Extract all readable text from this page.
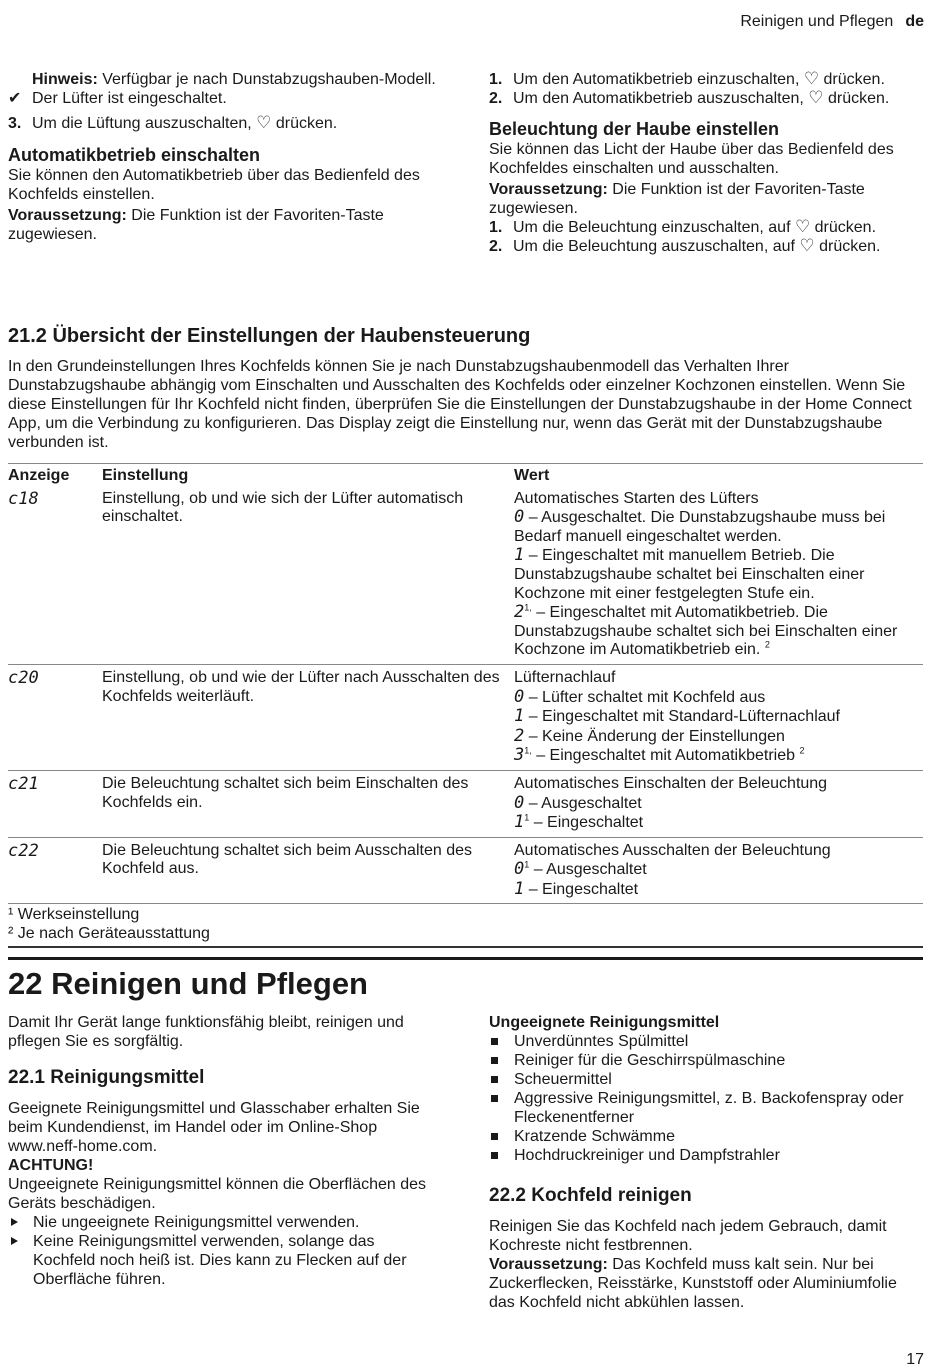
Reinigen und Pflegen de

Hinweis: Verfügbar je nach Dunstabzugshauben-Modell.

✔ Der Lüfter ist eingeschaltet.
3. Um die Lüftung auszuschalten, ♡ drücken.
Automatikbetrieb einschalten

Sie können den Automatikbetrieb über das Bedienfeld des Kochfelds einstellen.

Voraussetzung: Die Funktion ist der Favoriten-Taste zugewiesen.

1. Um den Automatikbetrieb einzuschalten, ♡ drücken.
2. Um den Automatikbetrieb auszuschalten, ♡ drücken.
Beleuchtung der Haube einstellen

Sie können das Licht der Haube über das Bedienfeld des Kochfeldes einschalten und ausschalten.

Voraussetzung: Die Funktion ist der Favoriten-Taste zugewiesen.

1. Um die Beleuchtung einzuschalten, auf ♡ drücken.
2. Um die Beleuchtung auszuschalten, auf ♡ drücken.
21.2 Übersicht der Einstellungen der Haubensteuerung

In den Grundeinstellungen Ihres Kochfelds können Sie je nach Dunstabzugshaubenmodell das Verhalten Ihrer Dunstabzugshaube abhängig vom Einschalten und Ausschalten des Kochfelds oder einzelner Kochzonen einstellen. Wenn Sie diese Einstellungen für Ihr Kochfeld nicht finden, überprüfen Sie die Einstellungen der Dunstabzugshaube in der Home Connect App, um die Verbindung zu konfigurieren. Das Display zeigt die Einstellung nur, wenn das Gerät mit der Dunstabzugshaube verbunden ist.

Anzeige	Einstellung	Wert
c18	Einstellung, ob und wie sich der Lüfter automatisch einschaltet.	Automatisches Starten des Lüfters
0 – Ausgeschaltet. Die Dunstabzugshaube muss bei Bedarf manuell eingeschaltet werden.
1 – Eingeschaltet mit manuellem Betrieb. Die Dunstabzugshaube schaltet bei Einschalten einer Kochzone mit einer festgelegten Stufe ein.
$2^{1,}$ – Eingeschaltet mit Automatikbetrieb. Die Dunstabzugshaube schaltet sich bei Einschalten einer Kochzone im Automatikbetrieb ein. $^2$

c20	Einstellung, ob und wie der Lüfter nach Ausschalten des Kochfelds weiterläuft.	Lüfternachlauf
0 – Lüfter schaltet mit Kochfeld aus
1 – Eingeschaltet mit Standard-Lüfternachlauf
2 – Keine Änderung der Einstellungen
$3^{1,}$ – Eingeschaltet mit Automatikbetrieb $^2$

c21	Die Beleuchtung schaltet sich beim Einschalten des Kochfelds ein.	Automatisches Einschalten der Beleuchtung
0 – Ausgeschaltet
$1^1$ – Eingeschaltet

c22	Die Beleuchtung schaltet sich beim Ausschalten des Kochfeld aus.	Automatisches Ausschalten der Beleuchtung
$0^1$ – Ausgeschaltet
1 – Eingeschaltet

¹ Werkseinstellung
² Je nach Geräteausstattung		
22 Reinigen und Pflegen

Damit Ihr Gerät lange funktionsfähig bleibt, reinigen und pflegen Sie es sorgfältig.

22.1 Reinigungsmittel

Geeignete Reinigungsmittel und Glasschaber erhalten Sie beim Kundendienst, im Handel oder im Online-Shop www.neff-home.com.

ACHTUNG!

Ungeeignete Reinigungsmittel können die Oberflächen des Geräts beschädigen.

Nie ungeeignete Reinigungsmittel verwenden.
Keine Reinigungsmittel verwenden, solange das Kochfeld noch heiß ist. Dies kann zu Flecken auf der Oberfläche führen.

Ungeeignete Reinigungsmittel

Unverdünntes Spülmittel
Reiniger für die Geschirrspülmaschine
Scheuermittel
Aggressive Reinigungsmittel, z. B. Backofenspray oder Fleckenentferner
Kratzende Schwämme
Hochdruckreiniger und Dampfstrahler
22.2 Kochfeld reinigen

Reinigen Sie das Kochfeld nach jedem Gebrauch, damit Kochreste nicht festbrennen.

Voraussetzung: Das Kochfeld muss kalt sein. Nur bei Zuckerflecken, Reisstärke, Kunststoff oder Aluminiumfolie das Kochfeld nicht abkühlen lassen.

17
